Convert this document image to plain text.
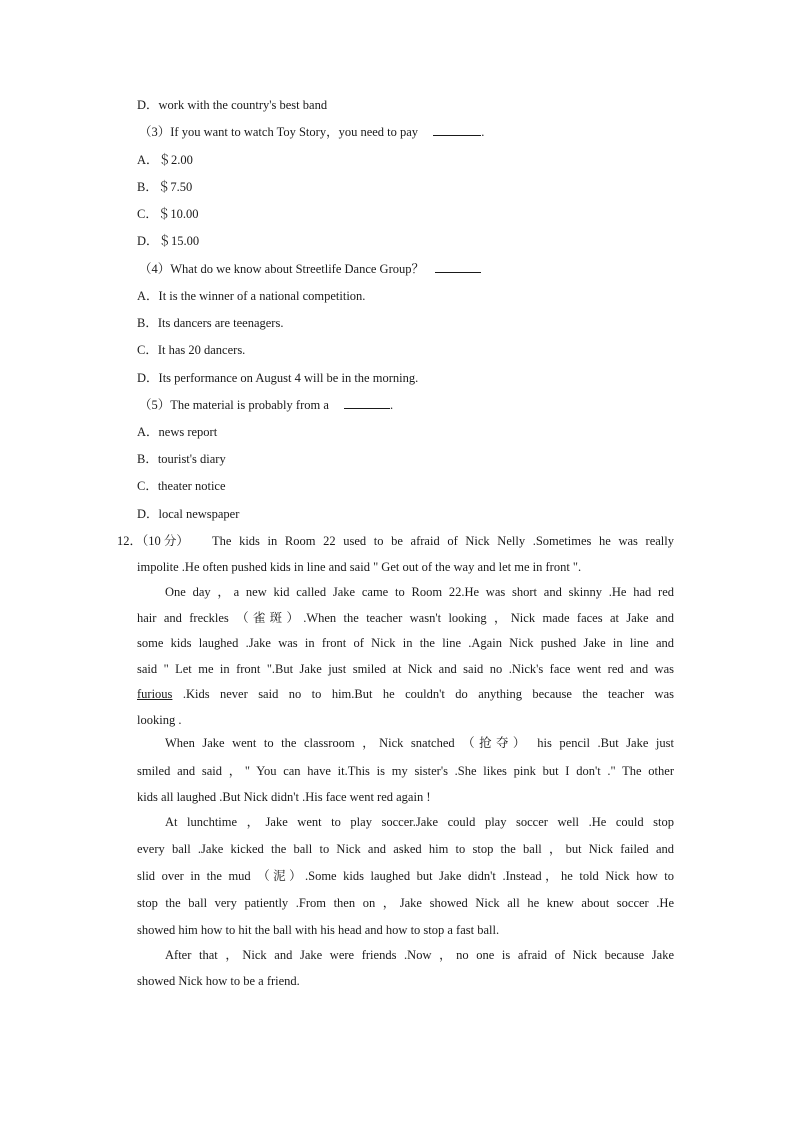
D．work with the country's best band
（3）If you want to watch Toy Story，you need to pay	.
A．＄2.00
B．＄7.50
C．＄10.00
D．＄15.00
（4）What do we know about Streetlife Dance Group？
A．It is the winner of a national competition.
B．Its dancers are teenagers.
C．It has 20 dancers.
D．Its performance on August 4 will be in the morning.
（5）The material is probably from a	.
A．news report
B．tourist's diary
C．theater notice
D．local newspaper
12．（10 分） The kids in Room 22 used to be afraid of Nick Nelly .Sometimes he was really
impolite .He often pushed kids in line and said " Get out of the way and let me in front ".
One day ，a new kid called Jake came to Room 22.He was short and skinny .He had red
hair and freckles （雀斑）.When the teacher wasn't looking ，Nick made faces at Jake and
some kids laughed .Jake was in front of Nick in the line .Again Nick pushed Jake in line and
said " Let me in front ".But Jake just smiled at Nick and said no .Nick's face went red and was
furious .Kids never said no to him.But he couldn't do anything because the teacher was
looking .
When Jake went to the classroom ，Nick snatched （抢夺） his pencil .But Jake just
smiled and said ，" You can have it.This is my sister's .She likes pink but I don't ." The other
kids all laughed .But Nick didn't .His face went red again !
At lunchtime ，Jake went to play soccer.Jake could play soccer well .He could stop
every ball .Jake kicked the ball to Nick and asked him to stop the ball ，but Nick failed and
slid over in the mud （泥）.Some kids laughed but Jake didn't .Instead，he told Nick how to
stop the ball very patiently .From then on ，Jake showed Nick all he knew about soccer .He
showed him how to hit the ball with his head and how to stop a fast ball.
After that ，Nick and Jake were friends .Now ，no one is afraid of Nick because Jake
showed Nick how to be a friend.
